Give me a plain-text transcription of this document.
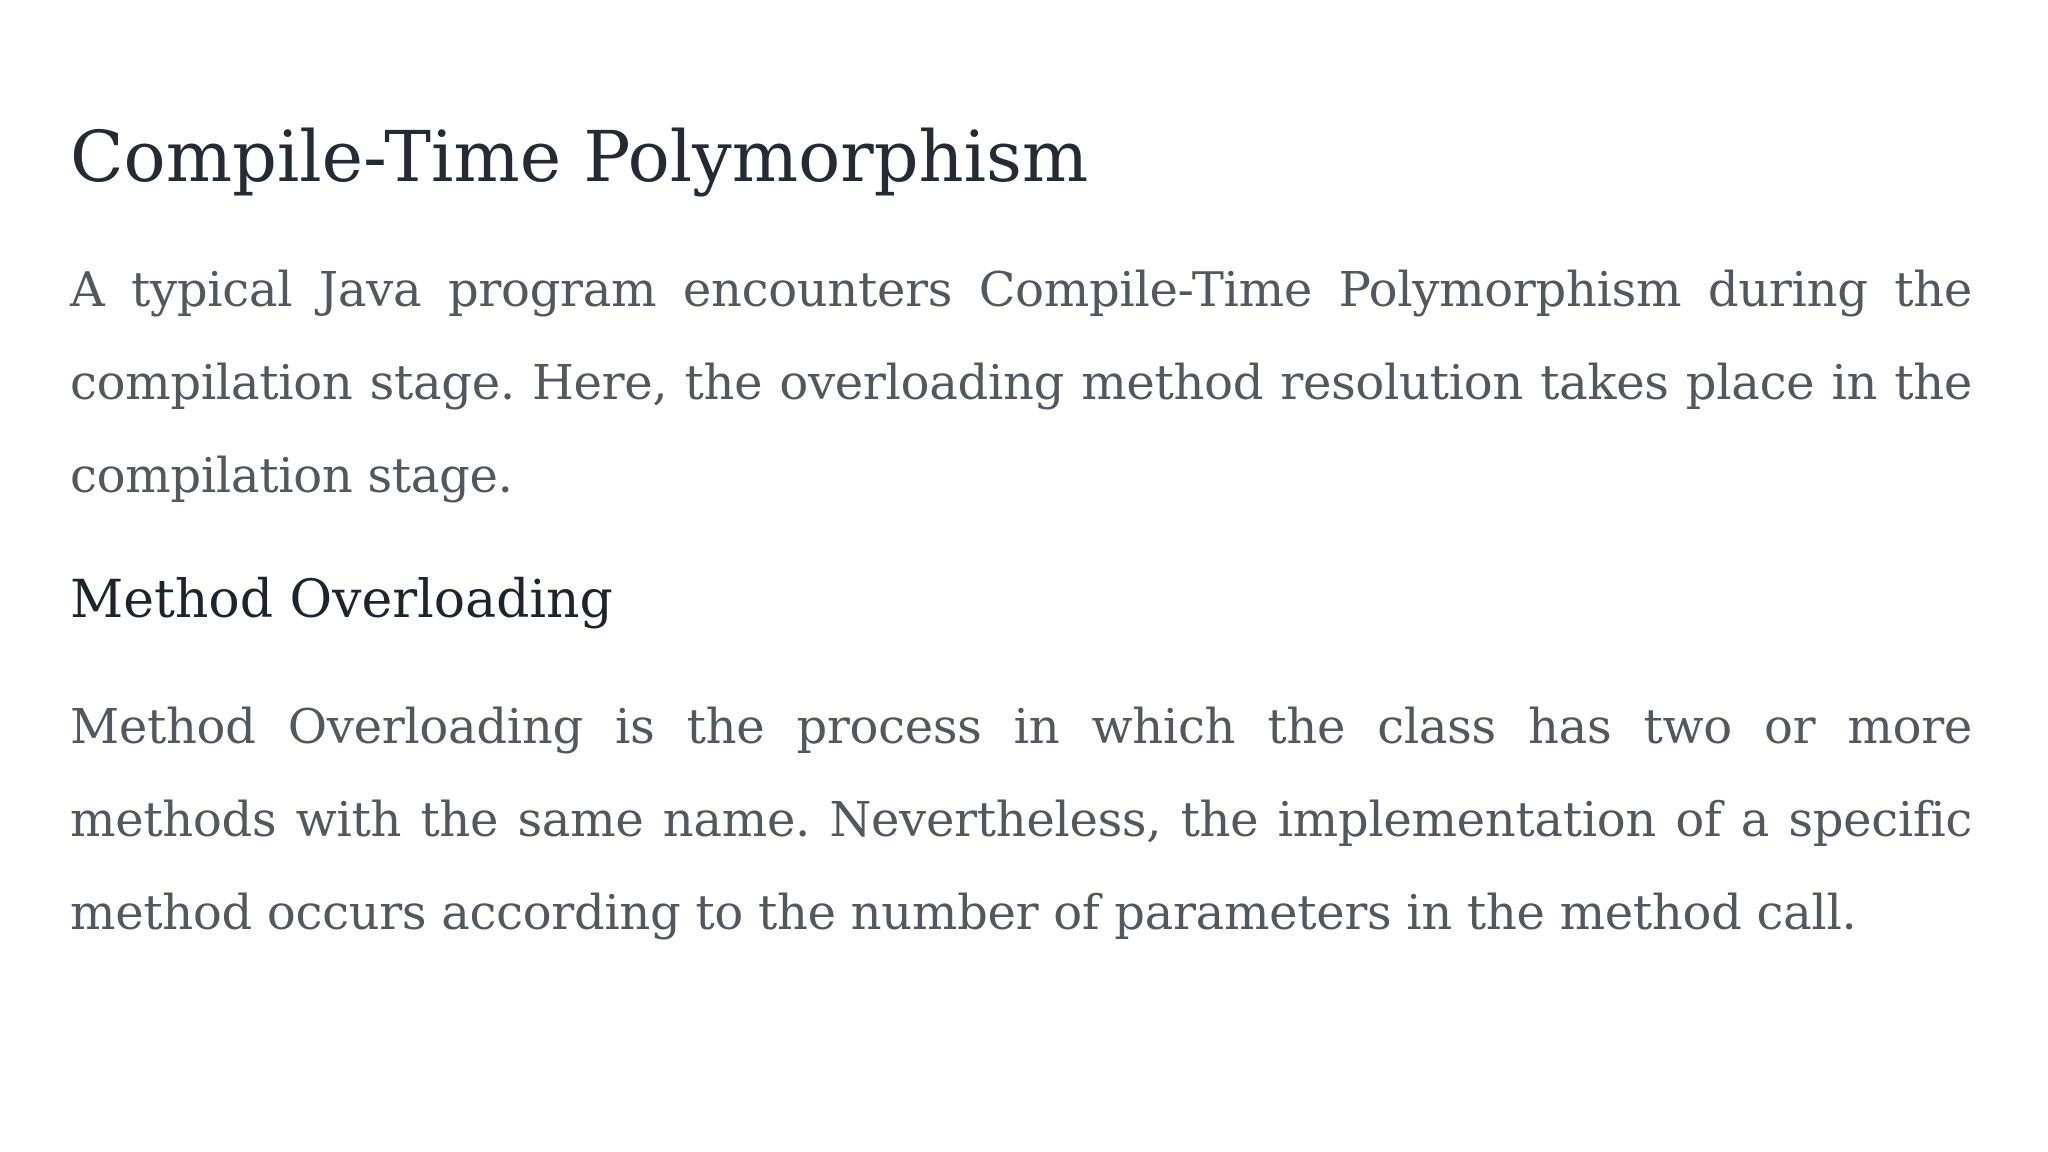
Compile-Time Polymorphism

A typical Java program encounters Compile-Time Polymorphism during the compilation stage. Here, the overloading method resolution takes place in the compilation stage.

Method Overloading

Method Overloading is the process in which the class has two or more methods with the same name. Nevertheless, the implementation of a specific method occurs according to the number of parameters in the method call.
